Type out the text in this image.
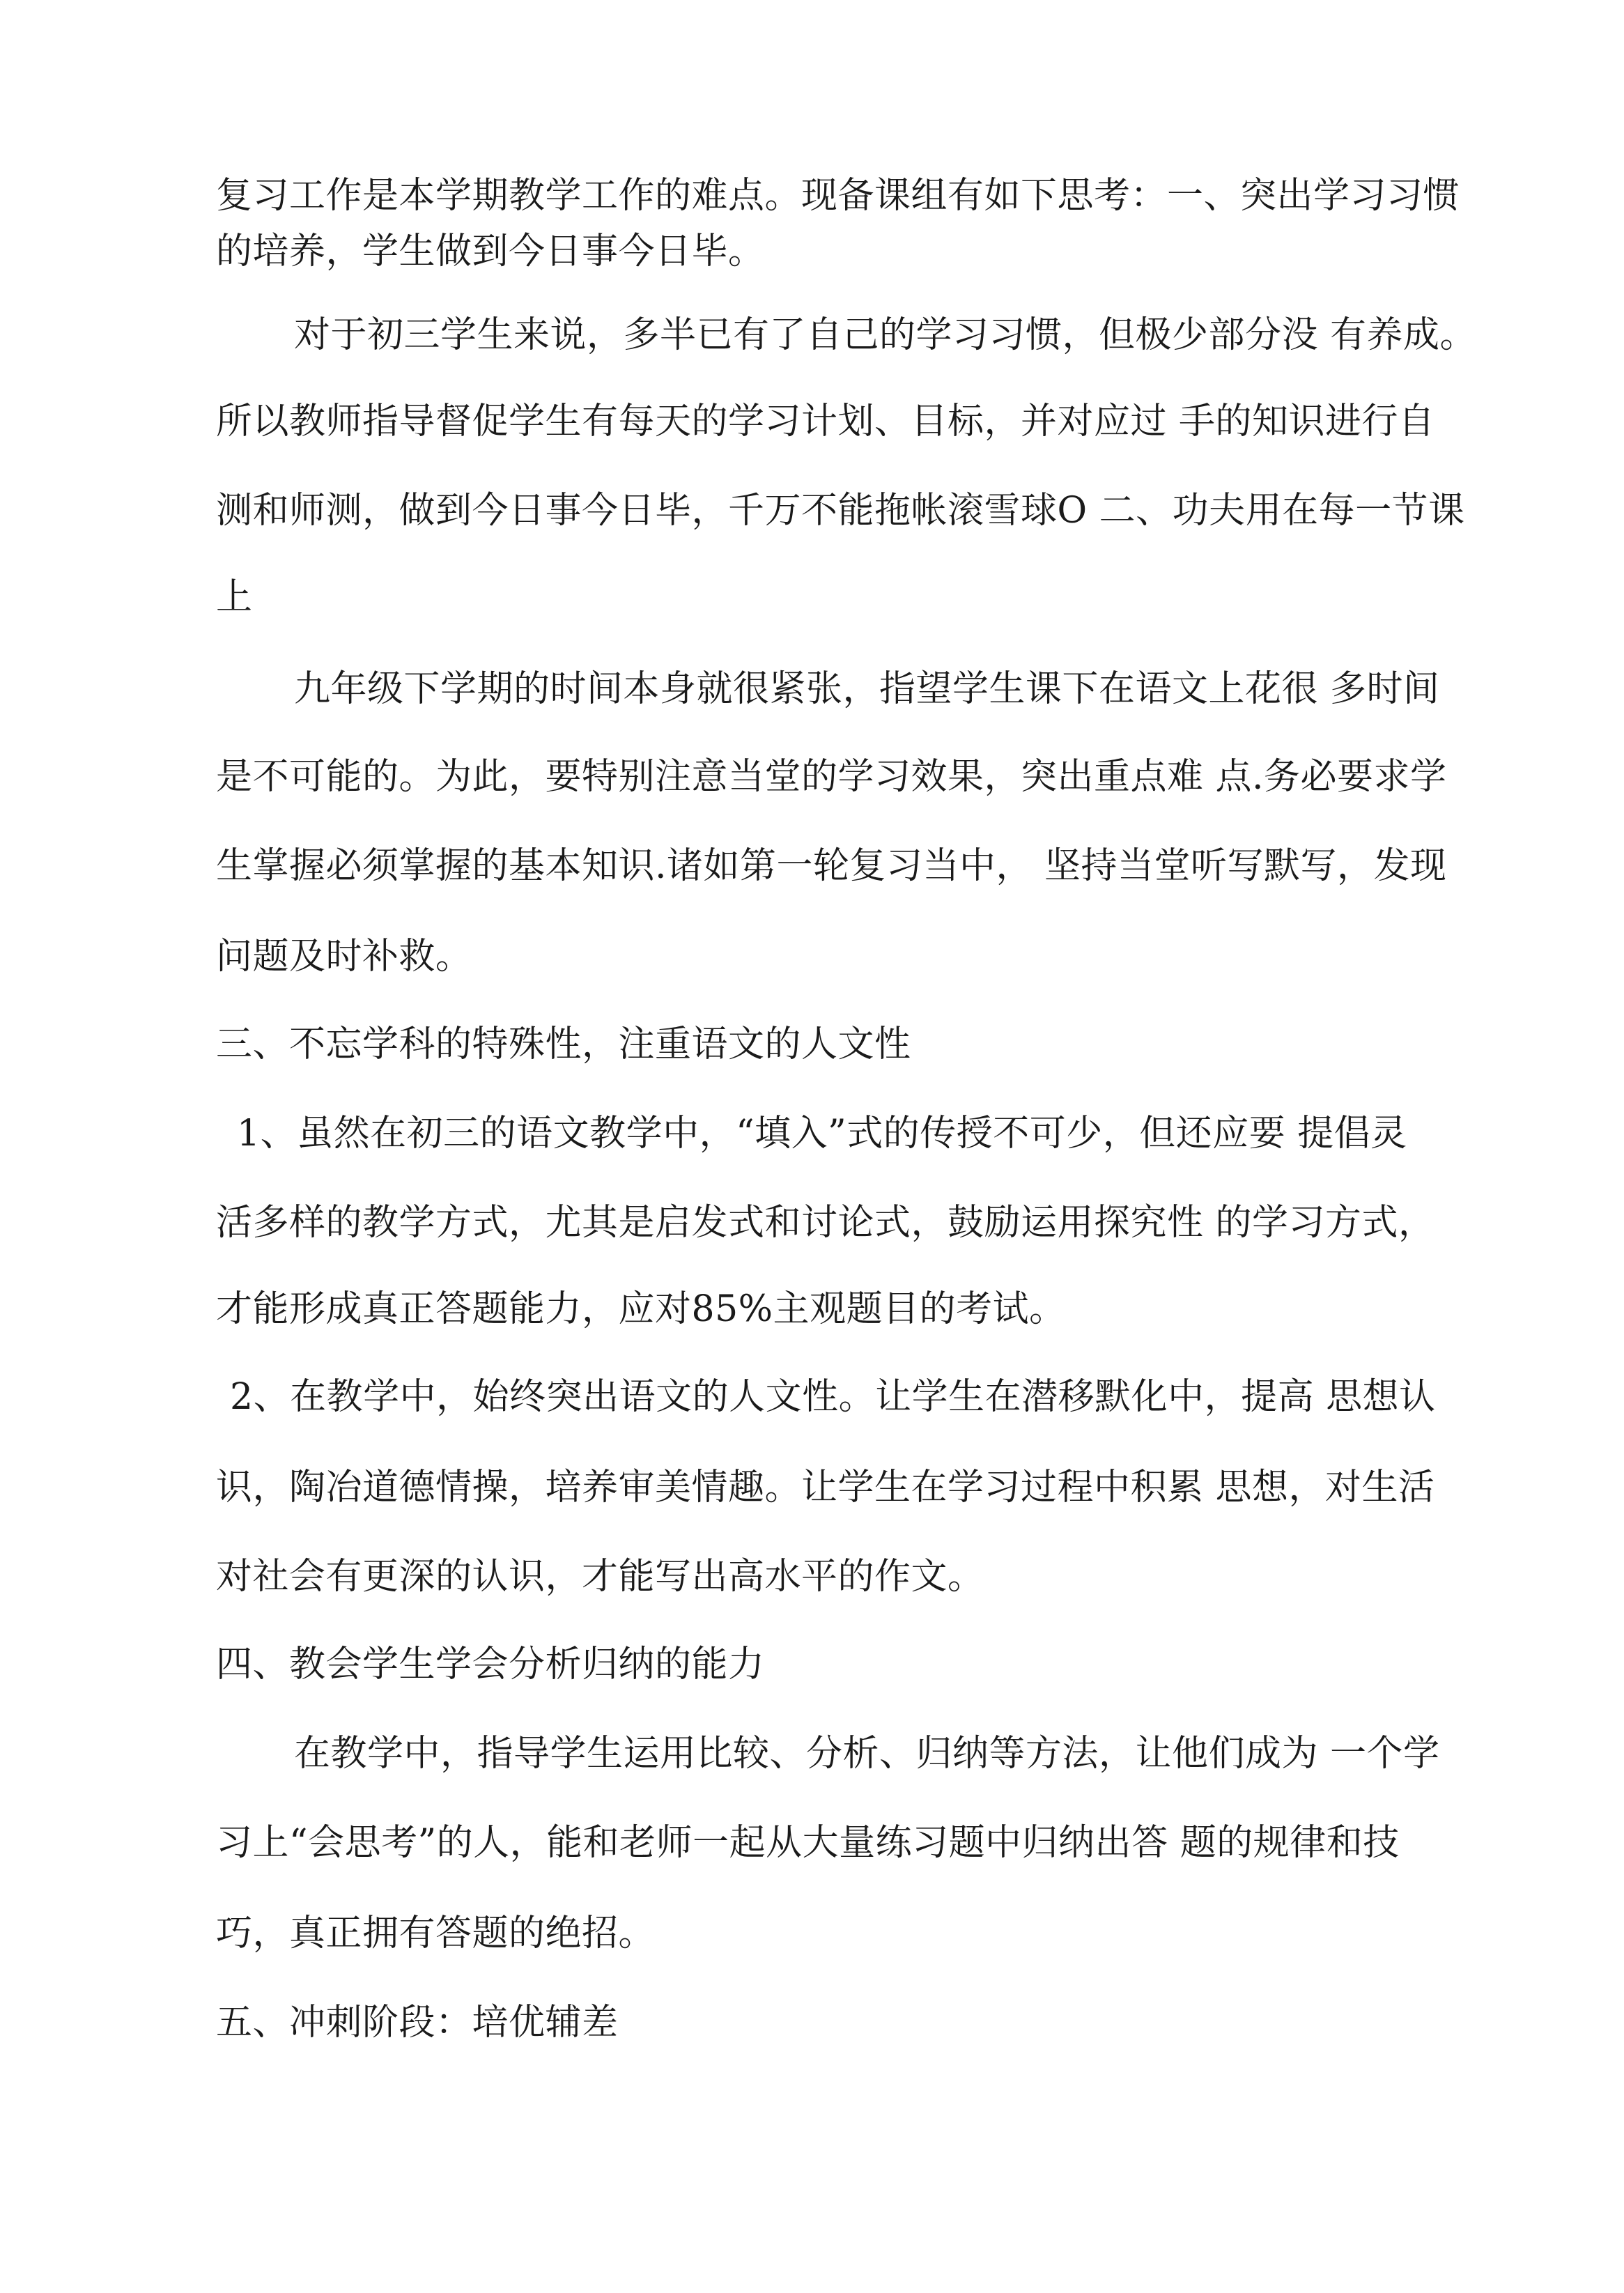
复习工作是本学期教学工作的难点。现备课组有如下思考：一、突出学习习惯

的培养，学生做到今日事今日毕。

对于初三学生来说，多半已有了自己的学习习惯，但极少部分没 有养成。

所以教师指导督促学生有每天的学习计划、目标，并对应过 手的知识进行自

测和师测，做到今日事今日毕，千万不能拖帐滚雪球O 二、功夫用在每一节课

上

九年级下学期的时间本身就很紧张，指望学生课下在语文上花很 多时间

是不可能的。为此，要特别注意当堂的学习效果，突出重点难 点.务必要求学

生掌握必须掌握的基本知识.诸如第一轮复习当中， 坚持当堂听写默写，发现

问题及时补救。

三、不忘学科的特殊性，注重语文的人文性

1、虽然在初三的语文教学中，“填入”式的传授不可少，但还应要 提倡灵

活多样的教学方式，尤其是启发式和讨论式，鼓励运用探究性 的学习方式，

才能形成真正答题能力，应对85%主观题目的考试。

2、在教学中，始终突出语文的人文性。让学生在潜移默化中，提高 思想认

识，陶冶道德情操，培养审美情趣。让学生在学习过程中积累 思想，对生活

对社会有更深的认识，才能写出高水平的作文。

四、教会学生学会分析归纳的能力

在教学中，指导学生运用比较、分析、归纳等方法，让他们成为 一个学

习上“会思考”的人，能和老师一起从大量练习题中归纳出答 题的规律和技

巧，真正拥有答题的绝招。

五、冲刺阶段：培优辅差
